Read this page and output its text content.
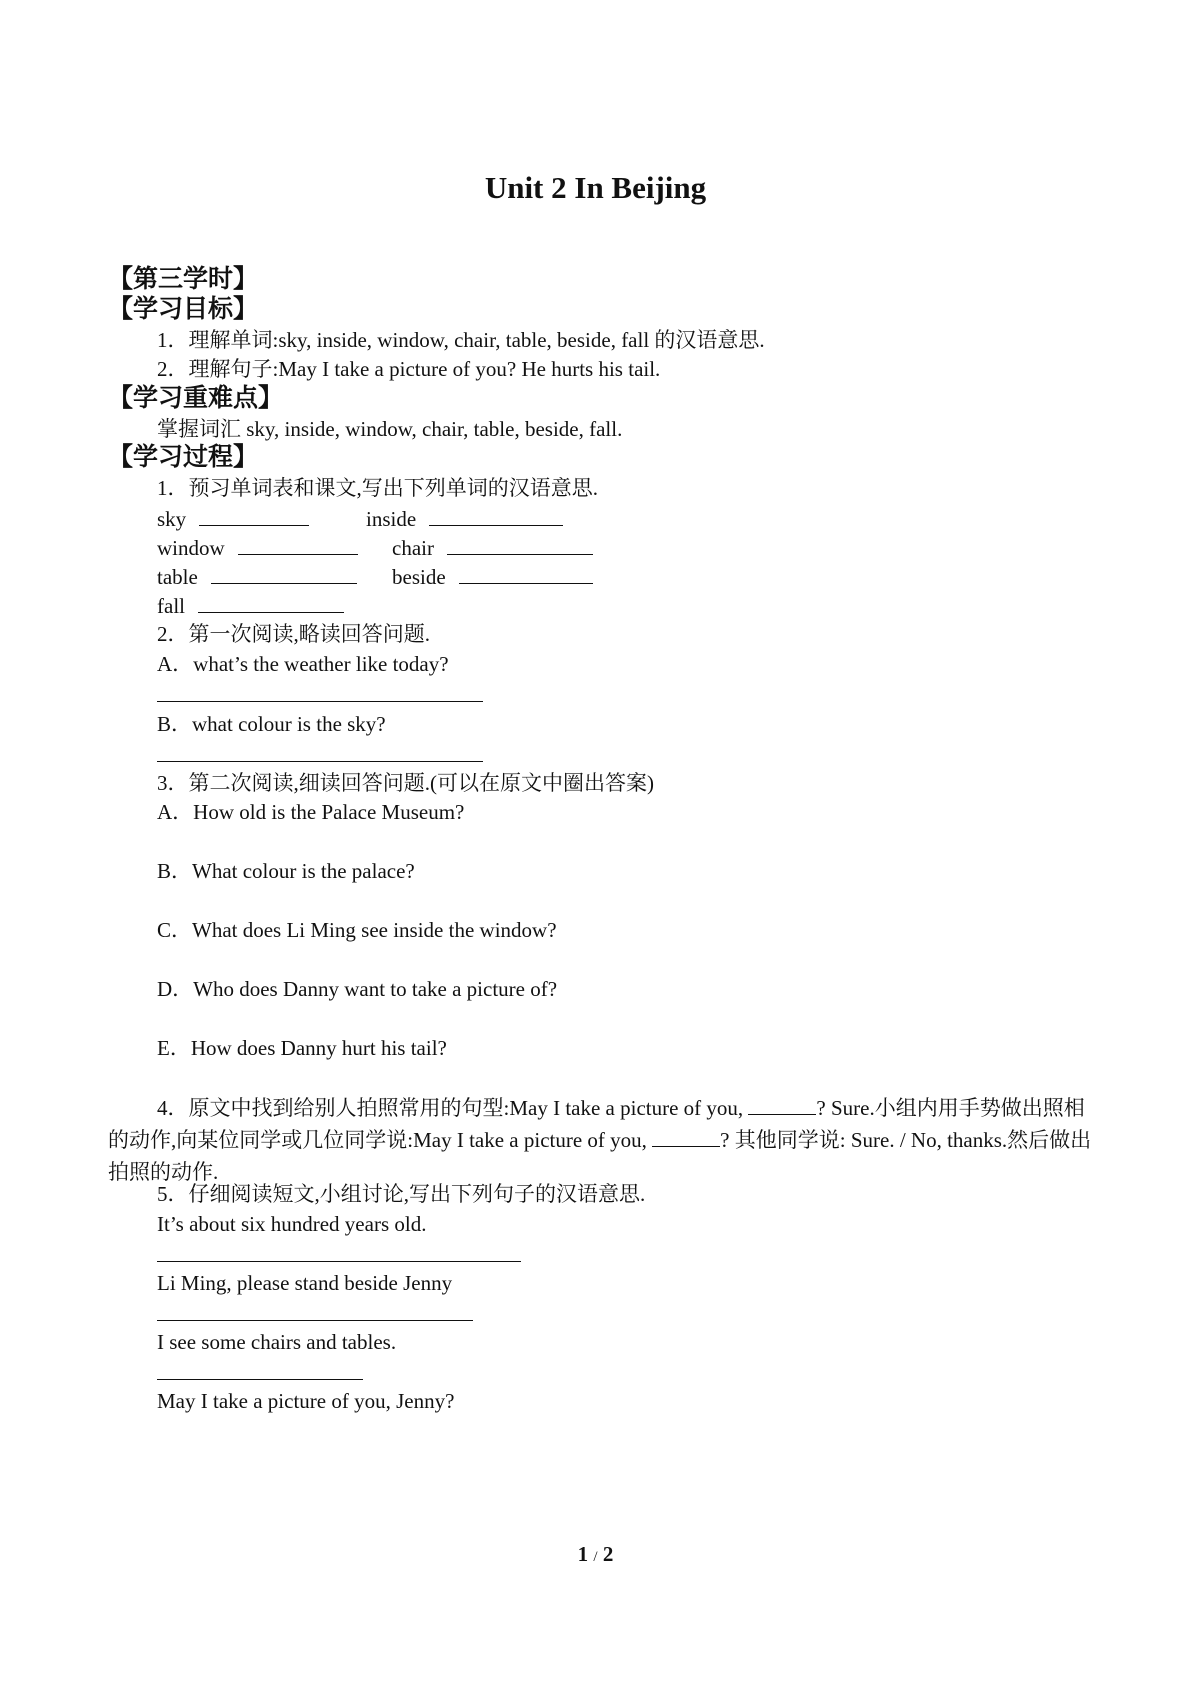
Unit 2 In Beijing
【第三学时】
【学习目标】
1．理解单词:sky, inside, window, chair, table, beside, fall 的汉语意思.
2．理解句子:May I take a picture of you? He hurts his tail.
【学习重难点】
掌握词汇 sky, inside, window, chair, table, beside, fall.
【学习过程】
1．预习单词表和课文,写出下列单词的汉语意思.
sky	inside
window	chair
table	beside
fall
2．第一次阅读,略读回答问题.
A．what’s the weather like today?
B．what colour is the sky?
3．第二次阅读,细读回答问题.(可以在原文中圈出答案)
A．How old is the Palace Museum?
B．What colour is the palace?
C．What does Li Ming see inside the window?
D．Who does Danny want to take a picture of?
E．How does Danny hurt his tail?
4．原文中找到给别人拍照常用的句型:May I take a picture of you,	? Sure.小组内用手势做出照相的动作,向某位同学或几位同学说:May I take a picture of you,	? 其他同学说: Sure. / No, thanks.然后做出拍照的动作.
5．仔细阅读短文,小组讨论,写出下列句子的汉语意思.
It’s about six hundred years old.
Li Ming, please stand beside Jenny
I see some chairs and tables.
May I take a picture of you, Jenny?
1 / 2
